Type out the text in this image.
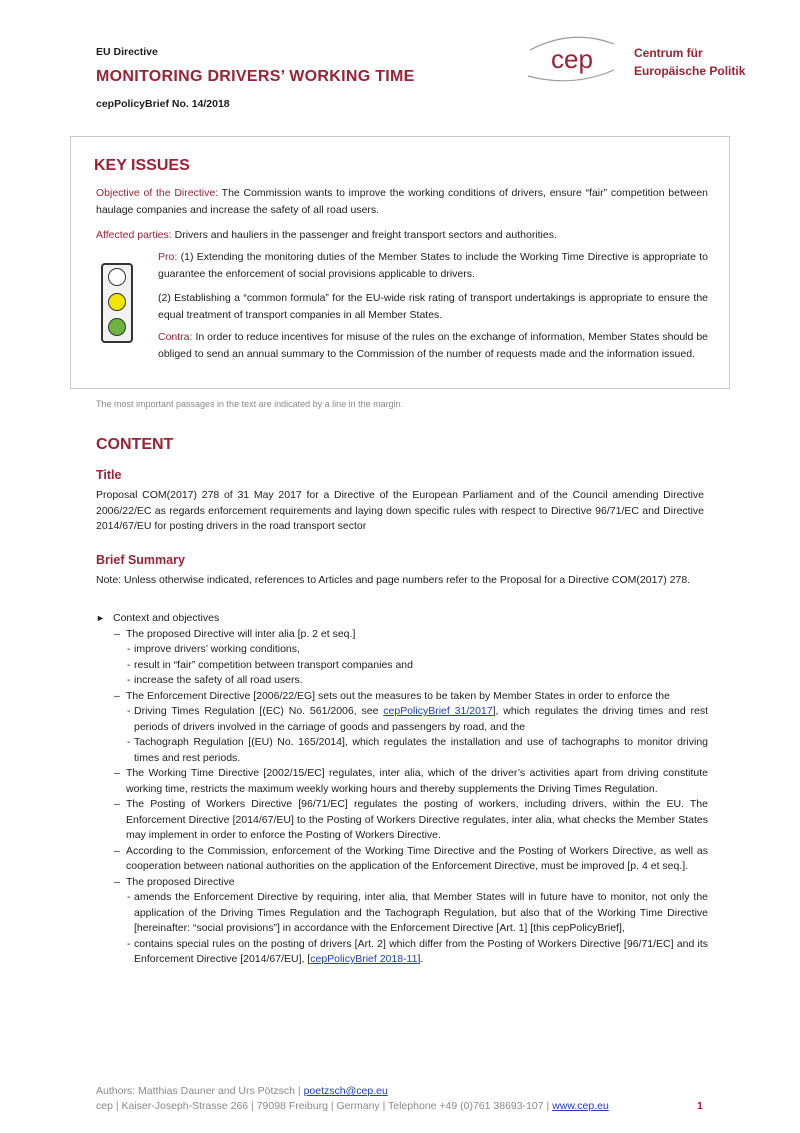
EU Directive
MONITORING DRIVERS’ WORKING TIME
cepPolicyBrief No. 14/2018
cep	Centrum für
Europäische Politik
KEY ISSUES
Objective of the Directive: The Commission wants to improve the working conditions of drivers, ensure “fair” competition between haulage companies and increase the safety of all road users.
Affected parties: Drivers and hauliers in the passenger and freight transport sectors and authorities.
Pro: (1) Extending the monitoring duties of the Member States to include the Working Time Directive is appropriate to guarantee the enforcement of social provisions applicable to drivers.
(2) Establishing a “common formula” for the EU-wide risk rating of transport undertakings is appropriate to ensure the equal treatment of transport companies in all Member States.
Contra: In order to reduce incentives for misuse of the rules on the exchange of information, Member States should be obliged to send an annual summary to the Commission of the number of requests made and the information issued.
The most important passages in the text are indicated by a line in the margin.
CONTENT
Title
Proposal COM(2017) 278 of 31 May 2017 for a Directive of the European Parliament and of the Council amending Directive 2006/22/EC as regards enforcement requirements and laying down specific rules with respect to Directive 96/71/EC and Directive 2014/67/EU for posting drivers in the road transport sector
Brief Summary
Note: Unless otherwise indicated, references to Articles and page numbers refer to the Proposal for a Directive COM(2017) 278.
► Context and objectives
– The proposed Directive will inter alia [p. 2 et seq.]
- improve drivers’ working conditions,
- result in “fair” competition between transport companies and
- increase the safety of all road users.
– The Enforcement Directive [2006/22/EG] sets out the measures to be taken by Member States in order to enforce the
- Driving Times Regulation [(EC) No. 561/2006, see cepPolicyBrief 31/2017], which regulates the driving times and rest periods of drivers involved in the carriage of goods and passengers by road, and the
- Tachograph Regulation [(EU) No. 165/2014], which regulates the installation and use of tachographs to monitor driving times and rest periods.
– The Working Time Directive [2002/15/EC] regulates, inter alia, which of the driver’s activities apart from driving constitute working time, restricts the maximum weekly working hours and thereby supplements the Driving Times Regulation.
– The Posting of Workers Directive [96/71/EC] regulates the posting of workers, including drivers, within the EU. The Enforcement Directive [2014/67/EU] to the Posting of Workers Directive regulates, inter alia, what checks the Member States may implement in order to enforce the Posting of Workers Directive.
– According to the Commission, enforcement of the Working Time Directive and the Posting of Workers Directive, as well as cooperation between national authorities on the application of the Enforcement Directive, must be improved [p. 4 et seq.].
– The proposed Directive
- amends the Enforcement Directive by requiring, inter alia, that Member States will in future have to monitor, not only the application of the Driving Times Regulation and the Tachograph Regulation, but also that of the Working Time Directive [hereinafter: “social provisions”] in accordance with the Enforcement Directive [Art. 1] [this cepPolicyBrief],
- contains special rules on the posting of drivers [Art. 2] which differ from the Posting of Workers Directive [96/71/EC] and its Enforcement Directive [2014/67/EU], [cepPolicyBrief 2018-11].
Authors: Matthias Dauner and Urs Pötzsch | poetzsch@cep.eu
cep | Kaiser-Joseph-Strasse 266 | 79098 Freiburg | Germany | Telephone +49 (0)761 38693-107 | www.cep.eu	1
